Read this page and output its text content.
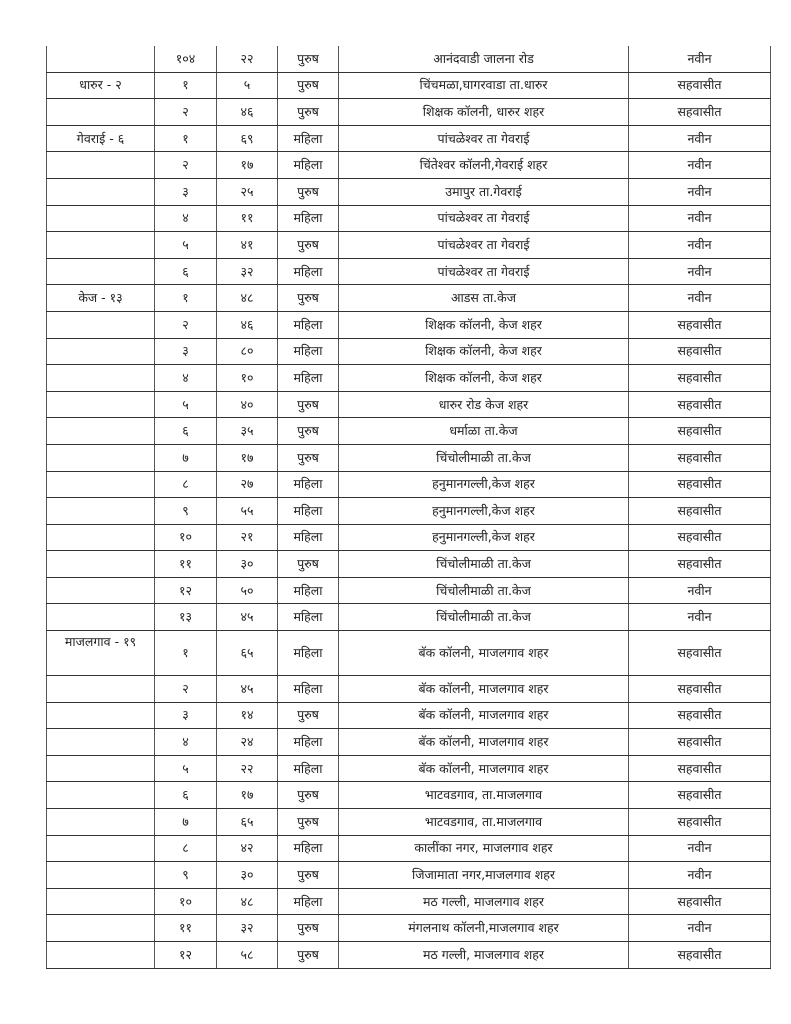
	१०४	२२	पुरुष	आनंदवाडी जालना रोड	नवीन
धारुर - २	१	५	पुरुष	चिंचमळा,घागरवाडा ता.धारुर	सहवासीत
	२	४६	पुरुष	शिक्षक कॉलनी, धारुर शहर	सहवासीत
गेवराई - ६	१	६९	महिला	पांचळेश्वर ता गेवराई	नवीन
	२	१७	महिला	चिंतेश्वर कॉलनी,गेवराई शहर	नवीन
	३	२५	पुरुष	उमापुर ता.गेवराई	नवीन
	४	११	महिला	पांचळेश्वर ता गेवराई	नवीन
	५	४१	पुरुष	पांचळेश्वर ता गेवराई	नवीन
	६	३२	महिला	पांचळेश्वर ता गेवराई	नवीन
केज - १३	१	४८	पुरुष	आडस ता.केज	नवीन
	२	४६	महिला	शिक्षक कॉलनी, केज शहर	सहवासीत
	३	८०	महिला	शिक्षक कॉलनी, केज शहर	सहवासीत
	४	१०	महिला	शिक्षक कॉलनी, केज शहर	सहवासीत
	५	४०	पुरुष	धारुर रोड केज शहर	सहवासीत
	६	३५	पुरुष	धर्माळा ता.केज	सहवासीत
	७	१७	पुरुष	चिंचोलीमाळी ता.केज	सहवासीत
	८	२७	महिला	हनुमानगल्ली,केज शहर	सहवासीत
	९	५५	महिला	हनुमानगल्ली,केज शहर	सहवासीत
	१०	२१	महिला	हनुमानगल्ली,केज शहर	सहवासीत
	११	३०	पुरुष	चिंचोलीमाळी ता.केज	सहवासीत
	१२	५०	महिला	चिंचोलीमाळी ता.केज	नवीन
	१३	४५	महिला	चिंचोलीमाळी ता.केज	नवीन
माजलगाव - १९	१	६५	महिला	बॅक कॉलनी, माजलगाव शहर	सहवासीत
	२	४५	महिला	बॅक कॉलनी, माजलगाव शहर	सहवासीत
	३	१४	पुरुष	बॅक कॉलनी, माजलगाव शहर	सहवासीत
	४	२४	महिला	बॅक कॉलनी, माजलगाव शहर	सहवासीत
	५	२२	महिला	बॅक कॉलनी, माजलगाव शहर	सहवासीत
	६	१७	पुरुष	भाटवडगाव, ता.माजलगाव	सहवासीत
	७	६५	पुरुष	भाटवडगाव, ता.माजलगाव	सहवासीत
	८	४२	महिला	कालींका नगर, माजलगाव शहर	नवीन
	९	३०	पुरुष	जिजामाता नगर,माजलगाव शहर	नवीन
	१०	४८	महिला	मठ गल्ली, माजलगाव शहर	सहवासीत
	११	३२	पुरुष	मंगलनाथ कॉलनी,माजलगाव शहर	नवीन
	१२	५८	पुरुष	मठ गल्ली, माजलगाव शहर	सहवासीत
